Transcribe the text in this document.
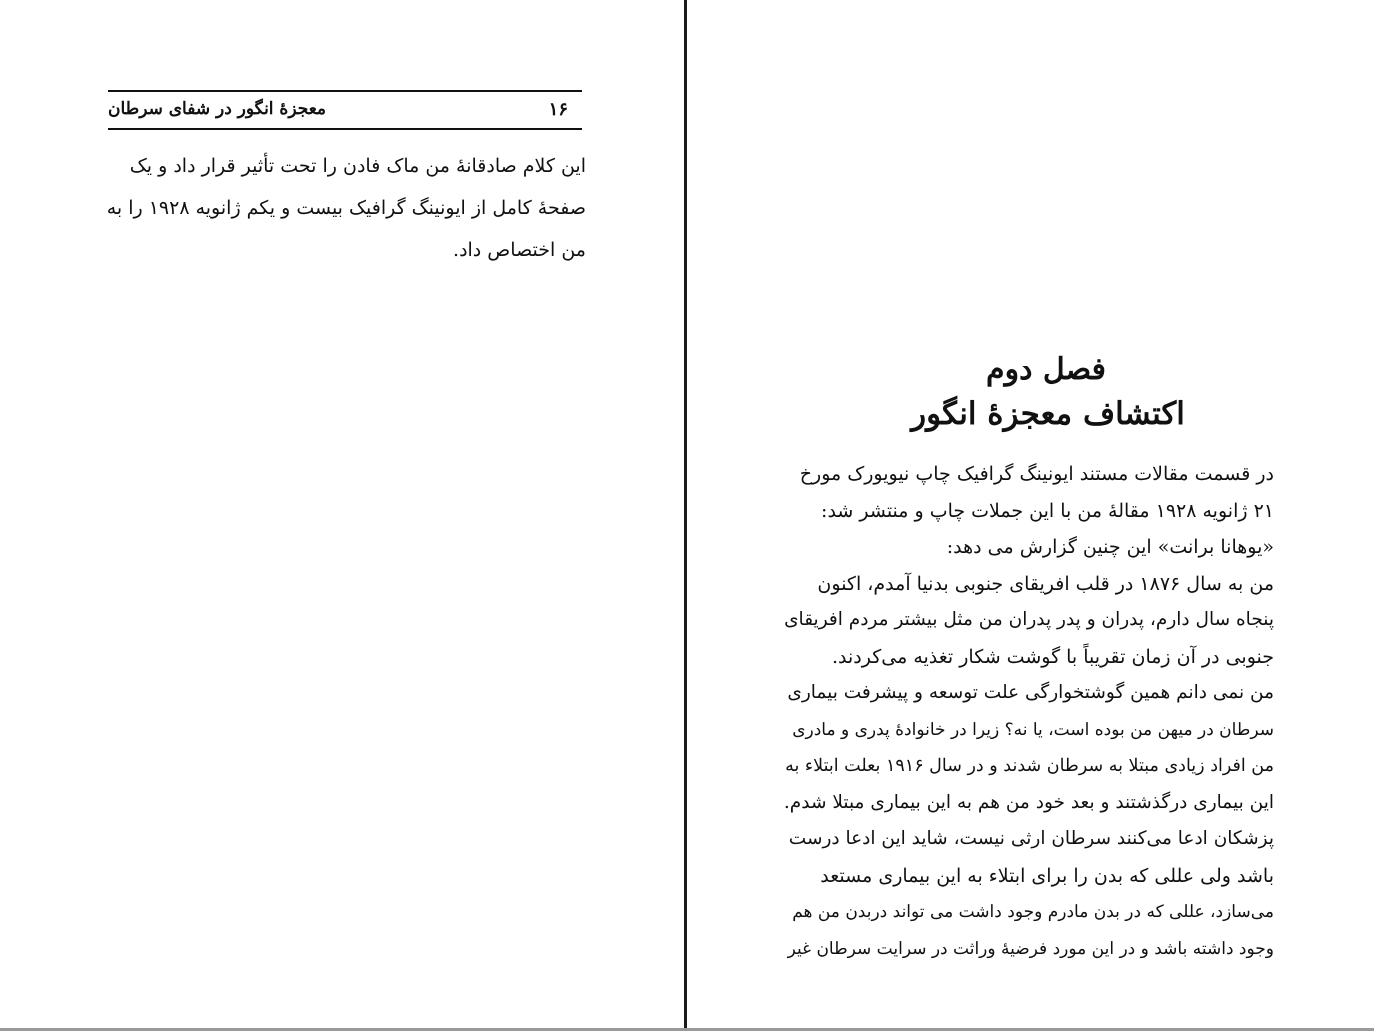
۱۶
معجزهٔ انگور در شفای سرطان
این کلام صادقانهٔ من ماک فادن را تحت تأثیر قرار داد و یک
صفحهٔ کامل از ایونینگ گرافیک بیست و یکم ژانویه ۱۹۲۸ را به
من اختصاص داد.
فصل دوم
اکتشاف معجزهٔ انگور
در قسمت مقالات مستند ایونینگ گرافیک چاپ نیویورک مورخ
۲۱ ژانویه ۱۹۲۸ مقالهٔ من با این جملات چاپ و منتشر شد:
«یوهانا برانت» این چنین گزارش می دهد:
من به سال ۱۸۷۶ در قلب افریقای جنوبی بدنیا آمدم، اکنون
پنجاه سال دارم، پدران و پدر پدران من مثل بیشتر مردم افریقای
جنوبی در آن زمان تقریباً با گوشت شکار تغذیه می‌کردند.
من نمی دانم همین گوشتخوارگی علت توسعه و پیشرفت بیماری
سرطان در میهن من بوده است، یا نه؟ زیرا در خانوادهٔ پدری و مادری
من افراد زیادی مبتلا به سرطان شدند و در سال ۱۹۱۶ بعلت ابتلاء به
این بیماری درگذشتند و بعد خود من هم به این بیماری مبتلا شدم.
پزشکان ادعا می‌کنند سرطان ارثی نیست، شاید این ادعا درست
باشد ولی عللی که بدن را برای ابتلاء به این بیماری مستعد
می‌سازد، عللی که در بدن مادرم وجود داشت می تواند دربدن من هم
وجود داشته باشد و در این مورد فرضیهٔ وراثت در سرایت سرطان غیر
